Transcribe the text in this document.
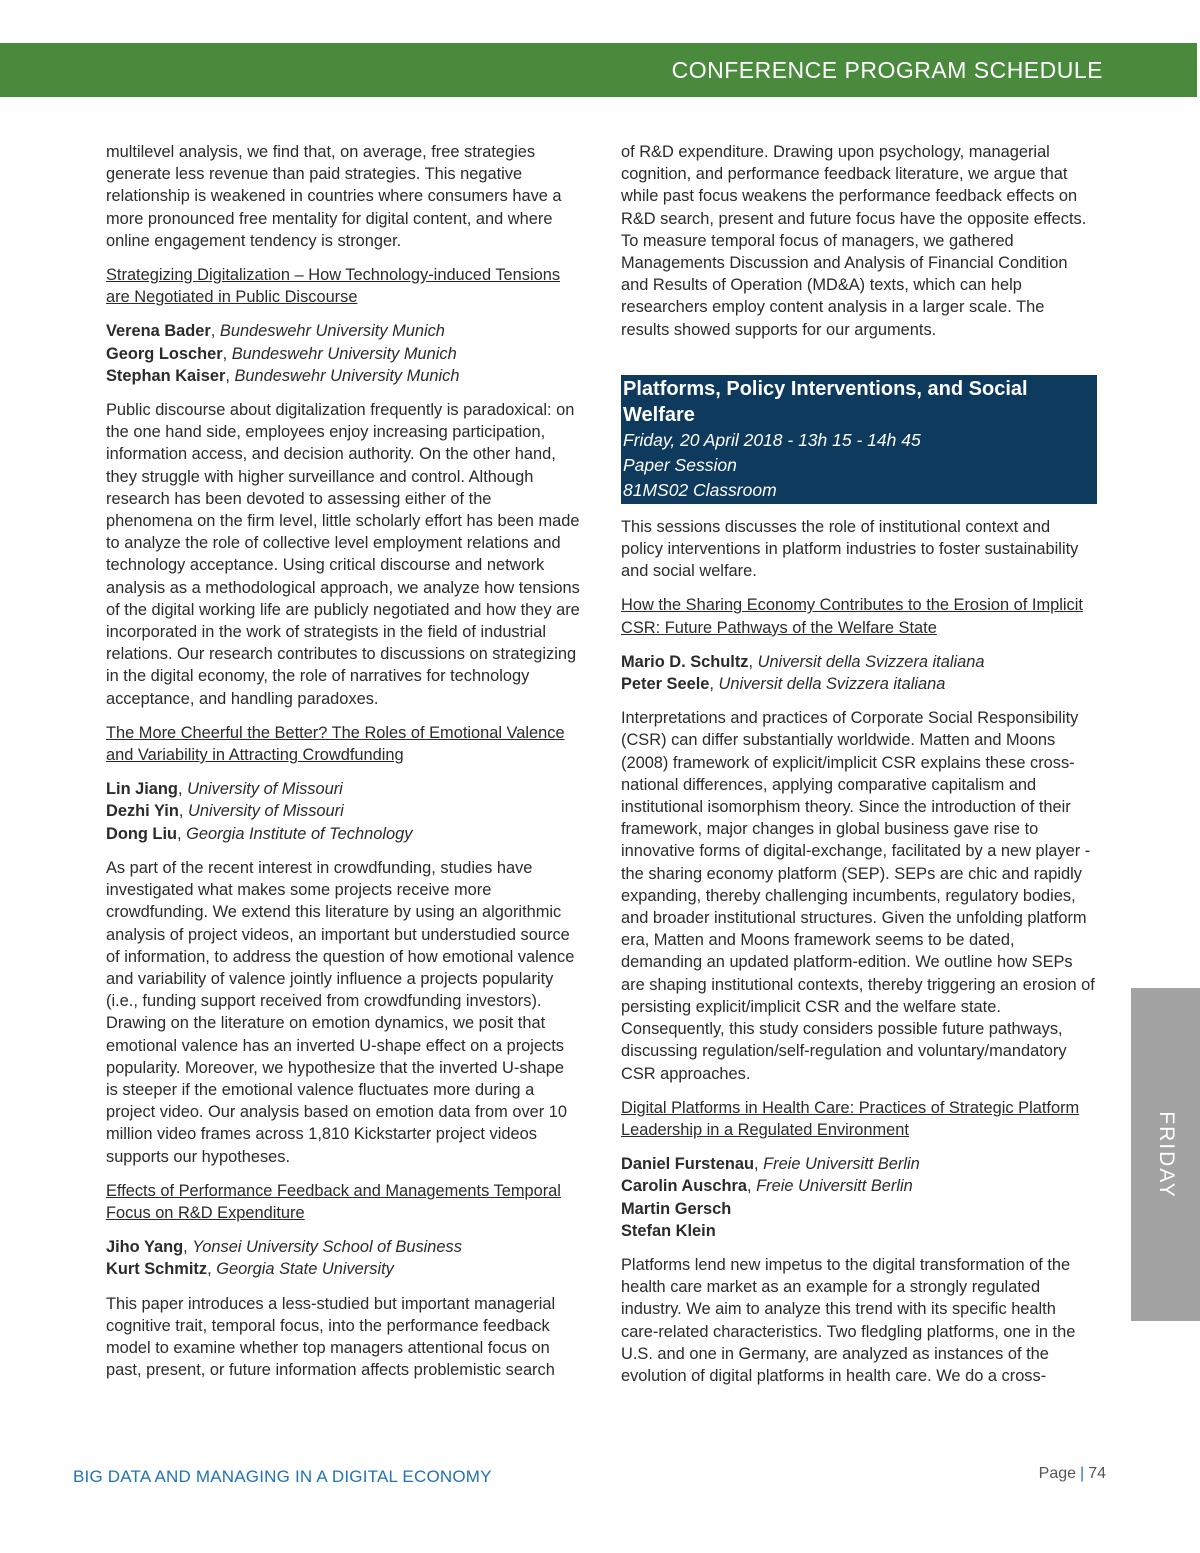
CONFERENCE PROGRAM SCHEDULE

multilevel analysis, we find that, on average, free strategies generate less revenue than paid strategies. This negative relationship is weakened in countries where consumers have a more pronounced free mentality for digital content, and where online engagement tendency is stronger.

Strategizing Digitalization – How Technology-induced Tensions are Negotiated in Public Discourse
Verena Bader, Bundeswehr University Munich
Georg Loscher, Bundeswehr University Munich
Stephan Kaiser, Bundeswehr University Munich

Public discourse about digitalization frequently is paradoxical: on the one hand side, employees enjoy increasing participation, information access, and decision authority. On the other hand, they struggle with higher surveillance and control. Although research has been devoted to assessing either of the phenomena on the firm level, little scholarly effort has been made to analyze the role of collective level employment relations and technology acceptance. Using critical discourse and network analysis as a methodological approach, we analyze how tensions of the digital working life are publicly negotiated and how they are incorporated in the work of strategists in the field of industrial relations. Our research contributes to discussions on strategizing in the digital economy, the role of narratives for technology acceptance, and handling paradoxes.

The More Cheerful the Better? The Roles of Emotional Valence and Variability in Attracting Crowdfunding
Lin Jiang, University of Missouri
Dezhi Yin, University of Missouri
Dong Liu, Georgia Institute of Technology

As part of the recent interest in crowdfunding, studies have investigated what makes some projects receive more crowdfunding. We extend this literature by using an algorithmic analysis of project videos, an important but understudied source of information, to address the question of how emotional valence and variability of valence jointly influence a projects popularity (i.e., funding support received from crowdfunding investors). Drawing on the literature on emotion dynamics, we posit that emotional valence has an inverted U-shape effect on a projects popularity. Moreover, we hypothesize that the inverted U-shape is steeper if the emotional valence fluctuates more during a project video. Our analysis based on emotion data from over 10 million video frames across 1,810 Kickstarter project videos supports our hypotheses.

Effects of Performance Feedback and Managements Temporal Focus on R&D Expenditure
Jiho Yang, Yonsei University School of Business
Kurt Schmitz, Georgia State University

This paper introduces a less-studied but important managerial cognitive trait, temporal focus, into the performance feedback model to examine whether top managers attentional focus on past, present, or future information affects problemistic search

of R&D expenditure. Drawing upon psychology, managerial cognition, and performance feedback literature, we argue that while past focus weakens the performance feedback effects on R&D search, present and future focus have the opposite effects. To measure temporal focus of managers, we gathered Managements Discussion and Analysis of Financial Condition and Results of Operation (MD&A) texts, which can help researchers employ content analysis in a larger scale. The results showed supports for our arguments.

Platforms, Policy Interventions, and Social Welfare
Friday, 20 April 2018 - 13h 15 - 14h 45
Paper Session
81MS02 Classroom

This sessions discusses the role of institutional context and policy interventions in platform industries to foster sustainability and social welfare.

How the Sharing Economy Contributes to the Erosion of Implicit CSR: Future Pathways of the Welfare State
Mario D. Schultz, Universit della Svizzera italiana
Peter Seele, Universit della Svizzera italiana

Interpretations and practices of Corporate Social Responsibility (CSR) can differ substantially worldwide. Matten and Moons (2008) framework of explicit/implicit CSR explains these cross-national differences, applying comparative capitalism and institutional isomorphism theory. Since the introduction of their framework, major changes in global business gave rise to innovative forms of digital-exchange, facilitated by a new player - the sharing economy platform (SEP). SEPs are chic and rapidly expanding, thereby challenging incumbents, regulatory bodies, and broader institutional structures. Given the unfolding platform era, Matten and Moons framework seems to be dated, demanding an updated platform-edition. We outline how SEPs are shaping institutional contexts, thereby triggering an erosion of persisting explicit/implicit CSR and the welfare state. Consequently, this study considers possible future pathways, discussing regulation/self-regulation and voluntary/mandatory CSR approaches.

Digital Platforms in Health Care: Practices of Strategic Platform Leadership in a Regulated Environment
Daniel Furstenau, Freie Universitt Berlin
Carolin Auschra, Freie Universitt Berlin
Martin Gersch
Stefan Klein

Platforms lend new impetus to the digital transformation of the health care market as an example for a strongly regulated industry. We aim to analyze this trend with its specific health care-related characteristics. Two fledgling platforms, one in the U.S. and one in Germany, are analyzed as instances of the evolution of digital platforms in health care. We do a cross-

FRIDAY
BIG DATA AND MANAGING IN A DIGITAL ECONOMY	Page | 74
